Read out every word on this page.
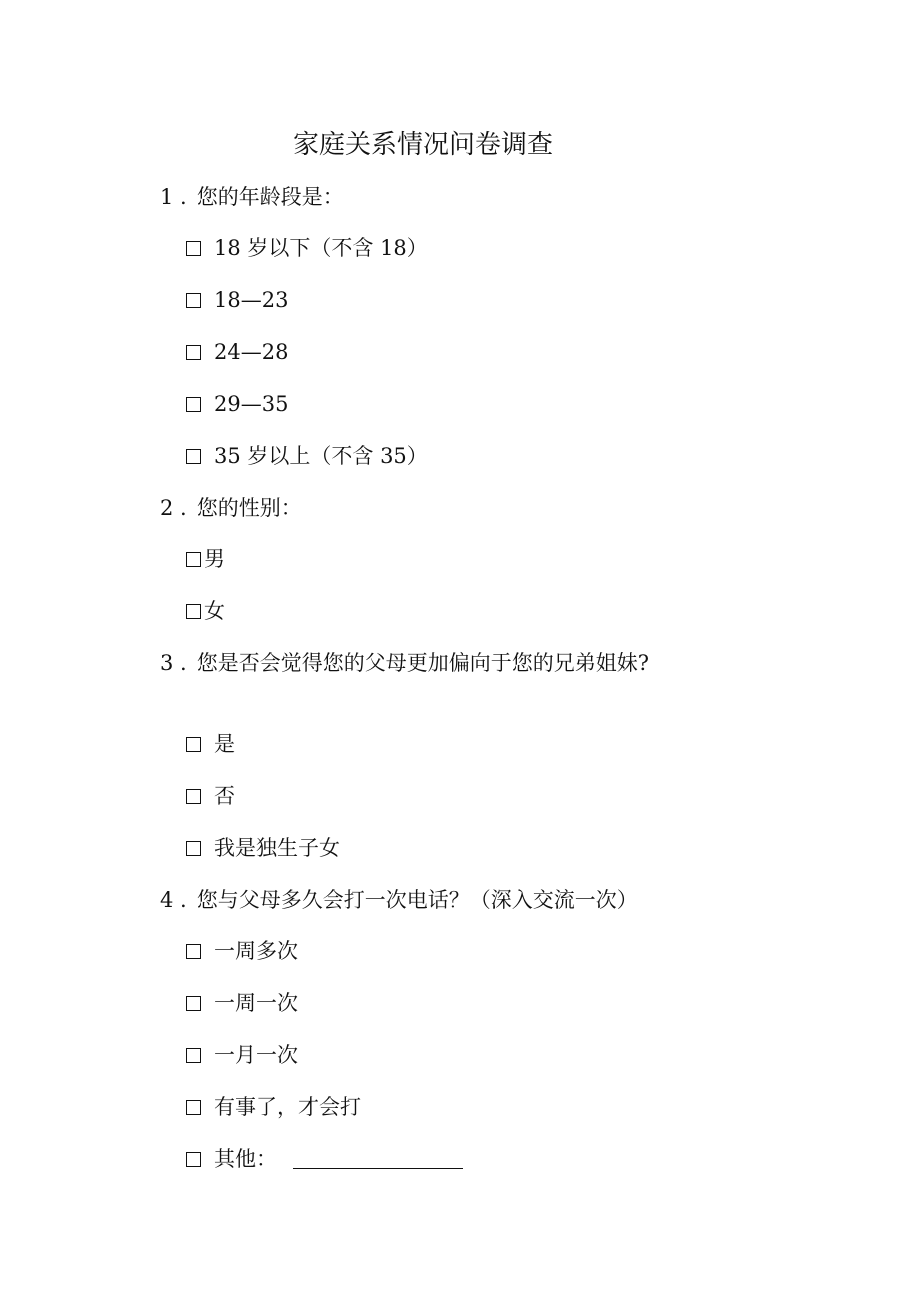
家庭关系情况问卷调查
1 . 您的年龄段是：
18 岁以下（不含 18）
18—23
24—28
29—35
35 岁以上（不含 35）
2 . 您的性别：
男
女
3 . 您是否会觉得您的父母更加偏向于您的兄弟姐妹?
是
否
我是独生子女
4 . 您与父母多久会打一次电话？（深入交流一次）
一周多次
一周一次
一月一次
有事了，才会打
其他：
